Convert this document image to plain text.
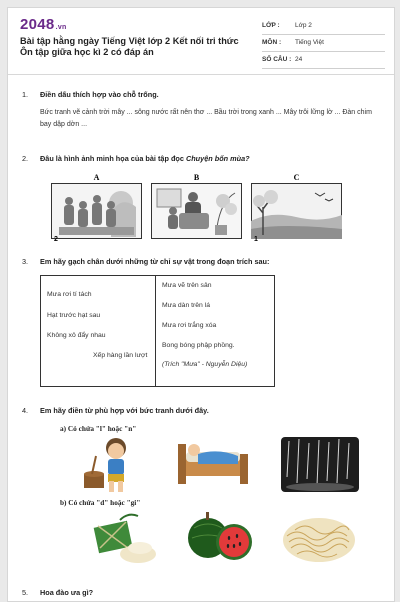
2048.vn
Bài tập hằng ngày Tiếng Việt lớp 2 Kết nối tri thức Ôn tập giữa học kì 2 có đáp án
LỚP : Lớp 2
MÔN : Tiếng Việt
SỐ CÂU : 24
1. Điền dấu thích hợp vào chỗ trống.
Bức tranh vẽ cảnh trời mây ... sông nước rất nên thơ ... Bầu trời trong xanh ... Mây trôi lững lờ ... Đàn chim bay dập dờn ...
2. Đâu là hình ảnh minh họa của bài tập đọc Chuyện bốn mùa?
A
2
B	C
1
3. Em hãy gạch chân dưới những từ chỉ sự vật trong đoạn trích sau:
Mưa rơi tí tách
Hạt trước hạt sau
Không xô đẩy nhau
Xếp hàng lần lượt
Mưa vẽ trên sân
Mưa dàn trên lá
Mưa rơi trắng xóa
Bong bóng phập phồng.
(Trích "Mưa" - Nguyễn Diệu)
4. Em hãy điền từ phù hợp với bức tranh dưới đây.
a) Có chứa "l" hoặc "n"
b) Có chứa "d" hoặc "gi"
5. Hoa đào ưa gì?
